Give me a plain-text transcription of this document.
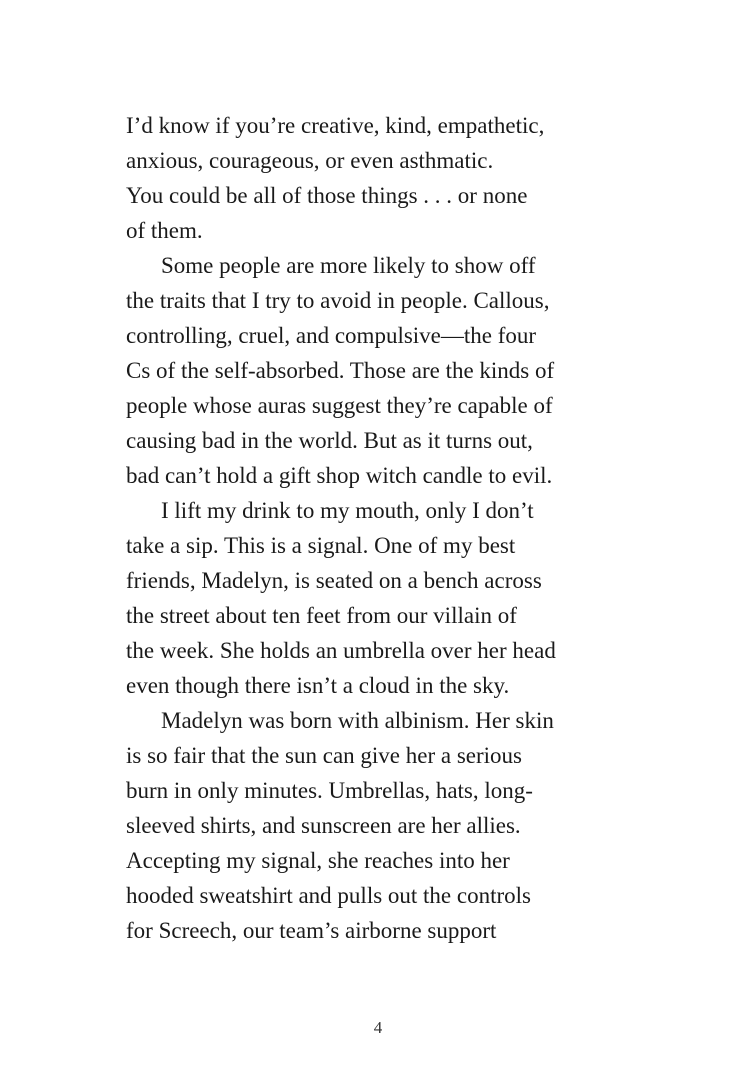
I’d know if you’re creative, kind, empathetic,
anxious, courageous, or even asthmatic.
You could be all of those things . . . or none
of them.
Some people are more likely to show off
the traits that I try to avoid in people. Callous,
controlling, cruel, and compulsive—the four
Cs of the self-absorbed. Those are the kinds of
people whose auras suggest they’re capable of
causing bad in the world. But as it turns out,
bad can’t hold a gift shop witch candle to evil.
I lift my drink to my mouth, only I don’t
take a sip. This is a signal. One of my best
friends, Madelyn, is seated on a bench across
the street about ten feet from our villain of
the week. She holds an umbrella over her head
even though there isn’t a cloud in the sky.
Madelyn was born with albinism. Her skin
is so fair that the sun can give her a serious
burn in only minutes. Umbrellas, hats, long-
sleeved shirts, and sunscreen are her allies.
Accepting my signal, she reaches into her
hooded sweatshirt and pulls out the controls
for Screech, our team’s airborne support
4
